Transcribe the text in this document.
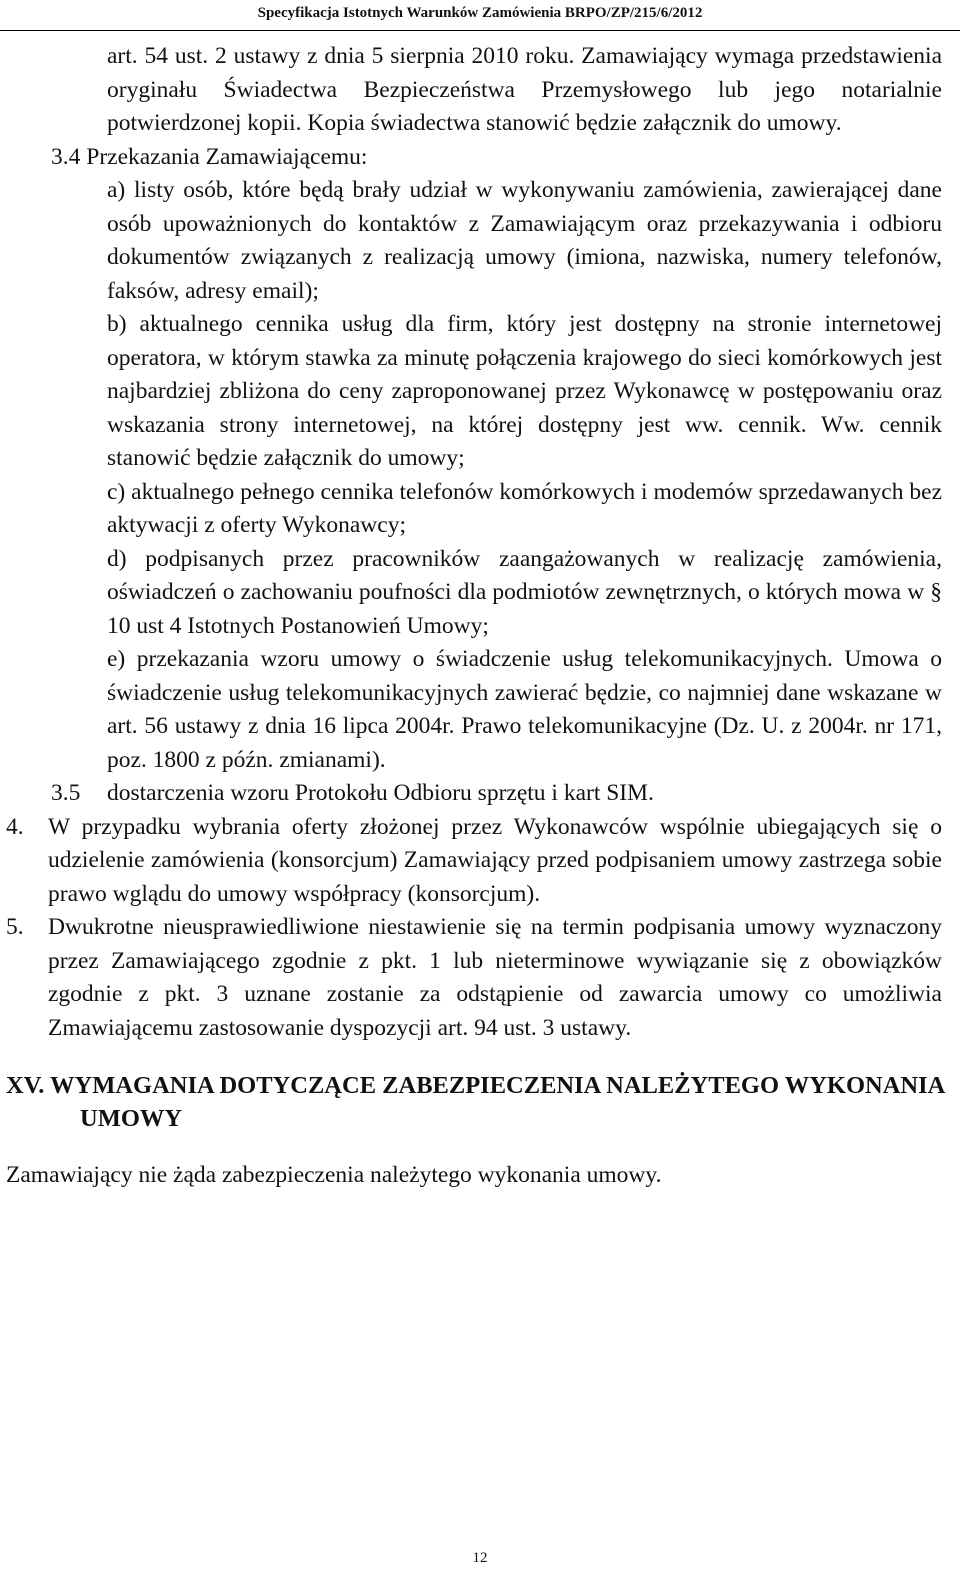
Specyfikacja Istotnych Warunków Zamówienia BRPO/ZP/215/6/2012
art. 54 ust. 2 ustawy z dnia 5 sierpnia 2010 roku. Zamawiający wymaga przedstawienia oryginału Świadectwa Bezpieczeństwa Przemysłowego lub jego notarialnie potwierdzonej kopii. Kopia świadectwa stanowić będzie załącznik do umowy.
3.4 Przekazania Zamawiającemu:
a) listy osób, które będą brały udział w wykonywaniu zamówienia, zawierającej dane osób upoważnionych do kontaktów z Zamawiającym oraz przekazywania i odbioru dokumentów związanych z realizacją umowy (imiona, nazwiska, numery telefonów, faksów, adresy email);
b) aktualnego cennika usług dla firm, który jest dostępny na stronie internetowej operatora, w którym stawka za minutę połączenia krajowego do sieci komórkowych jest najbardziej zbliżona do ceny zaproponowanej przez Wykonawcę w postępowaniu oraz wskazania strony internetowej, na której dostępny jest ww. cennik. Ww. cennik stanowić będzie załącznik do umowy;
c) aktualnego pełnego cennika telefonów komórkowych i modemów sprzedawanych bez aktywacji z oferty Wykonawcy;
d) podpisanych przez pracowników zaangażowanych w realizację zamówienia, oświadczeń o zachowaniu poufności dla podmiotów zewnętrznych, o których mowa w § 10 ust 4 Istotnych Postanowień Umowy;
e) przekazania wzoru umowy o świadczenie usług telekomunikacyjnych. Umowa o świadczenie usług telekomunikacyjnych zawierać będzie, co najmniej dane wskazane w art. 56 ustawy z dnia 16 lipca 2004r. Prawo telekomunikacyjne (Dz. U. z 2004r. nr 171, poz. 1800 z późn. zmianami).
3.5 dostarczenia wzoru Protokołu Odbioru sprzętu i kart SIM.
4. W przypadku wybrania oferty złożonej przez Wykonawców wspólnie ubiegających się o udzielenie zamówienia (konsorcjum) Zamawiający przed podpisaniem umowy zastrzega sobie prawo wglądu do umowy współpracy (konsorcjum).
5. Dwukrotne nieusprawiedliwione niestawienie się na termin podpisania umowy wyznaczony przez Zamawiającego zgodnie z pkt. 1 lub nieterminowe wywiązanie się z obowiązków zgodnie z pkt. 3 uznane zostanie za odstąpienie od zawarcia umowy co umożliwia Zmawiającemu zastosowanie dyspozycji art. 94 ust. 3 ustawy.
XV. WYMAGANIA DOTYCZĄCE ZABEZPIECZENIA NALEŻYTEGO WYKONANIA UMOWY
Zamawiający nie żąda zabezpieczenia należytego wykonania umowy.
12
